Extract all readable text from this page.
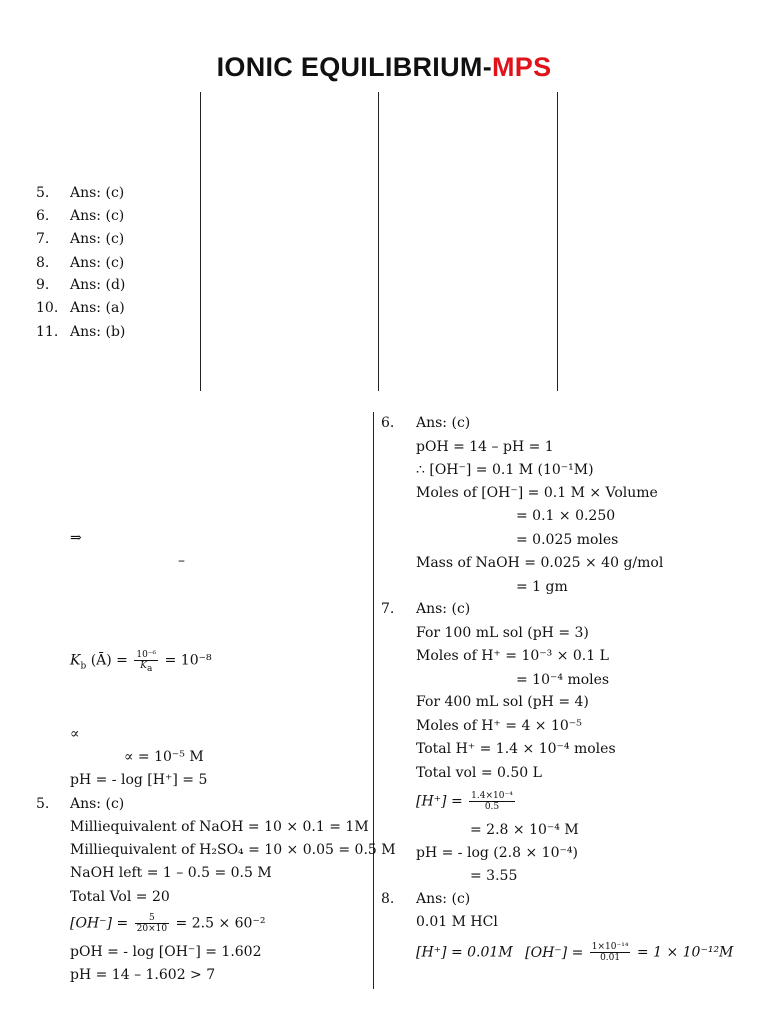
IONIC EQUILIBRIUM-MPS
5. Ans: (c)
6. Ans: (c)
7. Ans: (c)
8. Ans: (c)
9. Ans: (d)
10. Ans: (a)
11. Ans: (b)
⇒
–
$K_b$ (Ā) = $\frac{\text{10⁻⁶}}{K_a} = 10^{-8}$
∝
∝ = 10⁻⁵ M
pH = - log [H⁺] = 5
5. Ans: (c)
Milliequivalent of NaOH = 10 × 0.1 = 1M
Milliequivalent of H₂SO₄ = 10 × 0.05 = 0.5 M
NaOH left = 1 – 0.5 = 0.5 M
Total Vol = 20
$[OH^-] = \frac{5}{20\times 10} = 2.5 \times 60^{-2}$
pOH = - log [OH⁻] = 1.602
pH = 14 – 1.602 > 7
6. Ans: (c)
pOH = 14 – pH = 1
∴ [OH⁻] = 0.1 M (10⁻¹M)
Moles of [OH⁻] = 0.1 M × Volume
= 0.1 × 0.250
= 0.025 moles
Mass of NaOH = 0.025 × 40 g/mol
= 1 gm
7. Ans: (c)
For 100 mL sol (pH = 3)
Moles of H⁺ = 10⁻³ × 0.1 L
= 10⁻⁴ moles
For 400 mL sol (pH = 4)
Moles of H⁺ = 4 × 10⁻⁵
Total H⁺ = 1.4 × 10⁻⁴ moles
Total vol = 0.50 L
$[H^+] = \frac{\text{1.4×10⁻⁴}}{0.5}$
= 2.8 × 10⁻⁴ M
pH = - log (2.8 × 10⁻⁴)
= 3.55
8. Ans: (c)
0.01 M HCl
[H⁺] = 0.01M $[OH^-] = \frac{\text{1×10⁻¹⁴}}{0.01} = 1 \times 10^{-12}M$
